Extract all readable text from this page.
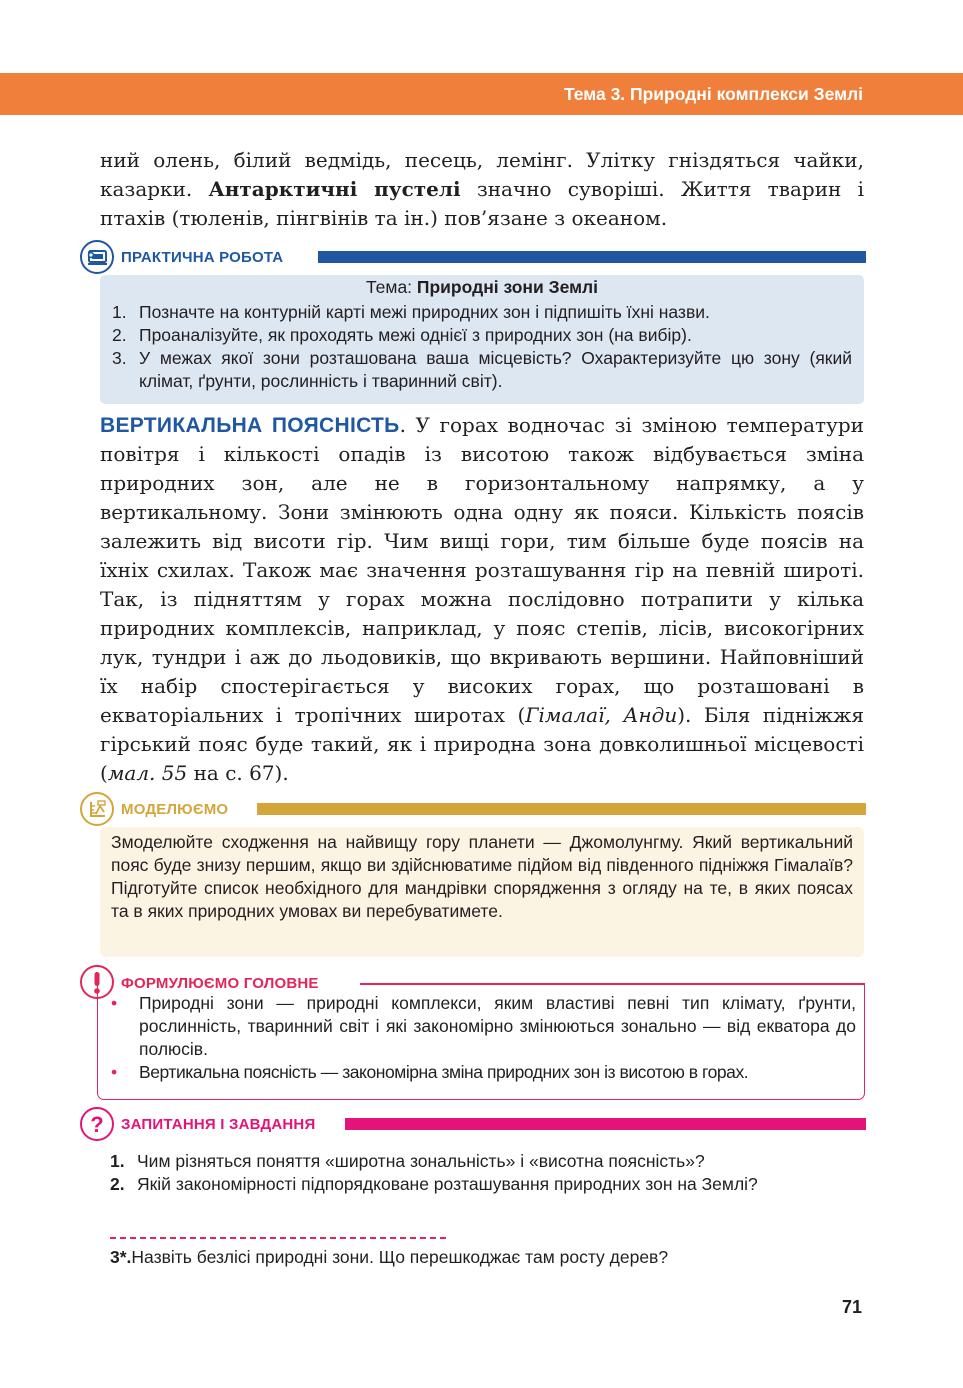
Тема 3. Природні комплекси Землі
ний олень, білий ведмідь, песець, лемінг. Улітку гніздяться чайки, казарки. Антарктичні пустелі значно суворіші. Життя тварин і птахів (тюленів, пінгвінів та ін.) пов’язане з океаном.
ПРАКТИЧНА РОБОТА
Тема: Природні зони Землі
1. Позначте на контурній карті межі природних зон і підпишіть їхні назви.
2. Проаналізуйте, як проходять межі однієї з природних зон (на вибір).
3. У межах якої зони розташована ваша місцевість? Охарактеризуйте цю зону (який клімат, ґрунти, рослинність і тваринний світ).
ВЕРТИКАЛЬНА ПОЯСНІСТЬ. У горах водночас зі зміною температури повітря і кількості опадів із висотою також відбувається зміна природних зон, але не в горизонтальному напрямку, а у вертикальному. Зони змінюють одна одну як пояси. Кількість поясів залежить від висоти гір. Чим вищі гори, тим більше буде поясів на їхніх схилах. Також має значення розташування гір на певній широті. Так, із підняттям у горах можна послідовно потрапити у кілька природних комплексів, наприклад, у пояс степів, лісів, високогірних лук, тундри і аж до льодовиків, що вкривають вершини. Найповніший їх набір спостерігається у високих горах, що розташовані в екваторіальних і тропічних широтах (Гімалаї, Анди). Біля підніжжя гірський пояс буде такий, як і природна зона довколишньої місцевості (мал. 55 на с. 67).
МОДЕЛЮЄМО
Змоделюйте сходження на найвищу гору планети — Джомолунгму. Який вертикальний пояс буде знизу першим, якщо ви здійснюватиме підйом від південного підніжжя Гімалаїв? Підготуйте список необхідного для мандрівки спорядження з огляду на те, в яких поясах та в яких природних умовах ви перебуватимете.
ФОРМУЛЮЄМО ГОЛОВНЕ
• Природні зони — природні комплекси, яким властиві певні тип клімату, ґрунти, рослинність, тваринний світ і які закономірно змінюються зонально — від екватора до полюсів.
• Вертикальна поясність — закономірна зміна природних зон із висотою в горах.
? ЗАПИТАННЯ І ЗАВДАННЯ
1. Чим різняться поняття «широтна зональність» і «висотна поясність»?
2. Якій закономірності підпорядковане розташування природних зон на Землі?
3*.Назвіть безлісі природні зони. Що перешкоджає там росту дерев?
71
